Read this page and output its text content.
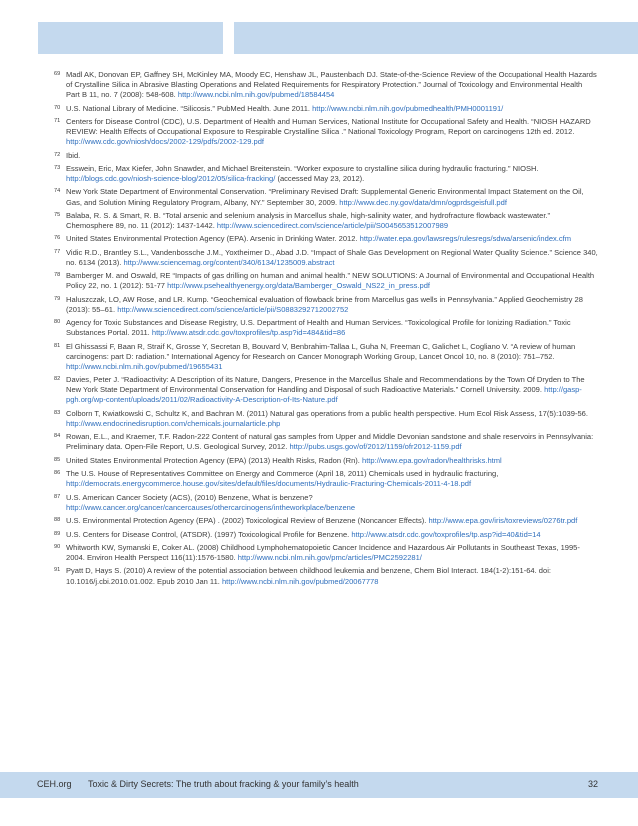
69 Madl AK, Donovan EP, Gaffney SH, McKinley MA, Moody EC, Henshaw JL, Paustenbach DJ. State-of-the-Science Review of the Occupational Health Hazards of Crystalline Silica in Abrasive Blasting Operations and Related Requirements for Respiratory Protection.” Journal of Toxicology and Environmental Health Part B 11, no. 7 (2008): 548-608. http://www.ncbi.nlm.nih.gov/pubmed/18584454
70 U.S. National Library of Medicine. “Silicosis.” PubMed Health. June 2011. http://www.ncbi.nlm.nih.gov/pubmedhealth/PMH0001191/
71 Centers for Disease Control (CDC), U.S. Department of Health and Human Services, National Institute for Occupational Safety and Health. “NIOSH HAZARD REVIEW: Health Effects of Occupational Exposure to Respirable Crystalline Silica .” National Toxicology Program, Report on carcinogens 12th ed. 2012. http://www.cdc.gov/niosh/docs/2002-129/pdfs/2002-129.pdf
72 Ibid.
73 Esswein, Eric, Max Kiefer, John Snawder, and Michael Breitenstein. “Worker exposure to crystalline silica during hydraulic fracturing.” NIOSH. http://blogs.cdc.gov/niosh-science-blog/2012/05/silica-fracking/ (accessed May 23, 2012).
74 New York State Department of Environmental Conservation. “Preliminary Revised Draft: Supplemental Generic Environmental Impact Statement on the Oil, Gas, and Solution Mining Regulatory Program, Albany, NY.” September 30, 2009. http://www.dec.ny.gov/data/dmn/ogprdsgeisfull.pdf
75 Balaba, R. S. & Smart, R. B. “Total arsenic and selenium analysis in Marcellus shale, high-salinity water, and hydrofracture flowback wastewater.” Chemosphere 89, no. 11 (2012): 1437-1442. http://www.sciencedirect.com/science/article/pii/S0045653512007989
76 United States Environmental Protection Agency (EPA). Arsenic in Drinking Water. 2012. http://water.epa.gov/lawsregs/rulesregs/sdwa/arsenic/index.cfm
77 Vidic R.D., Brantley S.L., Vandenbossche J.M., Yoxtheimer D., Abad J.D. “Impact of Shale Gas Development on Regional Water Quality Science.” Science 340, no. 6134 (2013). http://www.sciencemag.org/content/340/6134/1235009.abstract
78 Bamberger M. and Oswald, RE “Impacts of gas drilling on human and animal health.” NEW SOLUTIONS: A Journal of Environmental and Occupational Health Policy 22, no. 1 (2012): 51-77 http://www.psehealthyenergy.org/data/Bamberger_Oswald_NS22_in_press.pdf
79 Haluszczak, LO, AW Rose, and LR. Kump. “Geochemical evaluation of flowback brine from Marcellus gas wells in Pennsylvania.” Applied Geochemistry 28 (2013): 55–61. http://www.sciencedirect.com/science/article/pii/S0883292712002752
80 Agency for Toxic Substances and Disease Registry, U.S. Department of Health and Human Services. “Toxicological Profile for Ionizing Radiation.” Toxic Substances Portal. 2011. http://www.atsdr.cdc.gov/toxprofiles/tp.asp?id=484&tid=86
81 El Ghissassi F, Baan R, Straif K, Grosse Y, Secretan B, Bouvard V, Benbrahim-Tallaa L, Guha N, Freeman C, Galichet L, Cogliano V. “A review of human carcinogens: part D: radiation.” International Agency for Research on Cancer Monograph Working Group, Lancet Oncol 10, no. 8 (2010): 751–752. http://www.ncbi.nlm.nih.gov/pubmed/19655431
82 Davies, Peter J. “Radioactivity: A Description of its Nature, Dangers, Presence in the Marcellus Shale and Recommendations by the Town Of Dryden to The New York State Department of Environmental Conservation for Handling and Disposal of such Radioactive Materials.” Cornell University. 2009. http://gasp-pgh.org/wp-content/uploads/2011/02/Radioactivity-A-Description-of-Its-Nature.pdf
83 Colborn T, Kwiatkowski C, Schultz K, and Bachran M. (2011) Natural gas operations from a public health perspective. Hum Ecol Risk Assess, 17(5):1039-56. http://www.endocrinedisruption.com/chemicals.journalarticle.php
84 Rowan, E.L., and Kraemer, T.F. Radon-222 Content of natural gas samples from Upper and Middle Devonian sandstone and shale reservoirs in Pennsylvania: Preliminary data. Open-File Report, U.S. Geological Survey, 2012. http://pubs.usgs.gov/of/2012/1159/ofr2012-1159.pdf
85 United States Environmental Protection Agency (EPA) (2013) Health Risks, Radon (Rn). http://www.epa.gov/radon/healthrisks.html
86 The U.S. House of Representatives Committee on Energy and Commerce (April 18, 2011) Chemicals used in hydraulic fracturing, http://democrats.energycommerce.house.gov/sites/default/files/documents/Hydraulic-Fracturing-Chemicals-2011-4-18.pdf
87 U.S. American Cancer Society (ACS), (2010) Benzene, What is benzene? http://www.cancer.org/cancer/cancercauses/othercarcinogens/intheworkplace/benzene
88 U.S. Environmental Protection Agency (EPA) . (2002) Toxicological Review of Benzene (Noncancer Effects). http://www.epa.gov/iris/toxreviews/0276tr.pdf
89 U.S. Centers for Disease Control, (ATSDR). (1997) Toxicological Profile for Benzene. http://www.atsdr.cdc.gov/toxprofiles/tp.asp?id=40&tid=14
90 Whitworth KW, Symanski E, Coker AL. (2008) Childhood Lymphohematopoietic Cancer Incidence and Hazardous Air Pollutants in Southeast Texas, 1995-2004. Environ Health Perspect 116(11):1576-1580. http://www.ncbi.nlm.nih.gov/pmc/articles/PMC2592281/
91 Pyatt D, Hays S. (2010) A review of the potential association between childhood leukemia and benzene, Chem Biol Interact. 184(1-2):151-64. doi: 10.1016/j.cbi.2010.01.002. Epub 2010 Jan 11. http://www.ncbi.nlm.nih.gov/pubmed/20067778
CEH.org Toxic & Dirty Secrets: The truth about fracking & your family’s health	32
